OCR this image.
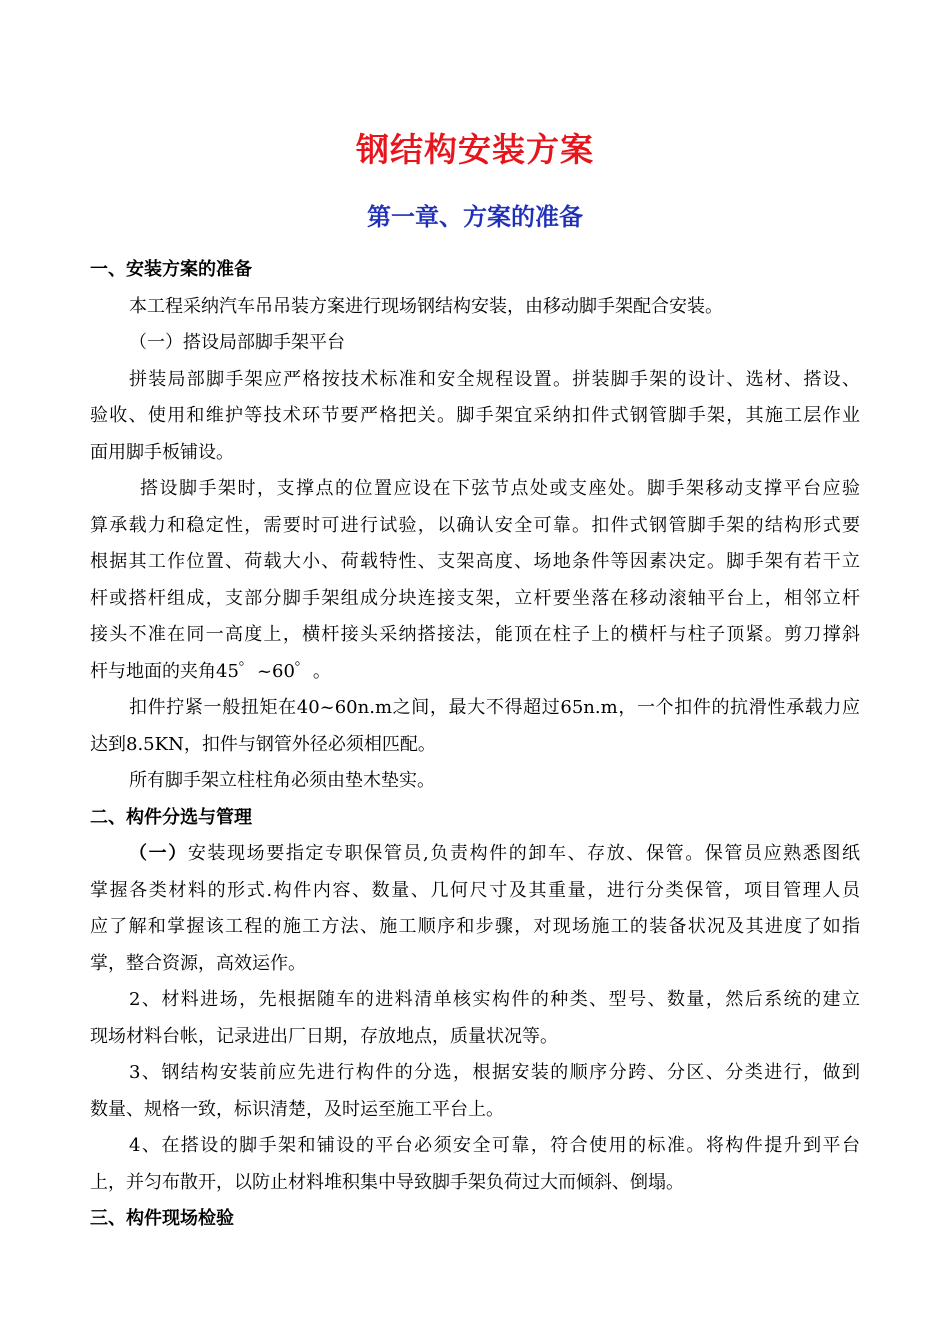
钢结构安装方案
第一章、方案的准备
一、安装方案的准备
本工程采纳汽车吊吊装方案进行现场钢结构安装，由移动脚手架配合安装。
（一）搭设局部脚手架平台
拼装局部脚手架应严格按技术标准和安全规程设置。拼装脚手架的设计、选材、搭设、
验收、使用和维护等技术环节要严格把关。脚手架宜采纳扣件式钢管脚手架，其施工层作业
面用脚手板铺设。
搭设脚手架时，支撑点的位置应设在下弦节点处或支座处。脚手架移动支撑平台应验
算承载力和稳定性，需要时可进行试验，以确认安全可靠。扣件式钢管脚手架的结构形式要
根据其工作位置、荷载大小、荷载特性、支架高度、场地条件等因素决定。脚手架有若干立
杆或搭杆组成，支部分脚手架组成分块连接支架，立杆要坐落在移动滚轴平台上，相邻立杆
接头不准在同一高度上，横杆接头采纳搭接法，能顶在柱子上的横杆与柱子顶紧。剪刀撑斜
杆与地面的夹角45゜~60゜。
扣件拧紧一般扭矩在40~60n.m之间，最大不得超过65n.m，一个扣件的抗滑性承载力应
达到8.5KN，扣件与钢管外径必须相匹配。
所有脚手架立柱柱角必须由垫木垫实。
二、构件分选与管理
（一）安装现场要指定专职保管员,负责构件的卸车、存放、保管。保管员应熟悉图纸
掌握各类材料的形式.构件内容、数量、几何尺寸及其重量，进行分类保管，项目管理人员
应了解和掌握该工程的施工方法、施工顺序和步骤，对现场施工的装备状况及其进度了如指
掌，整合资源，高效运作。
2、材料进场，先根据随车的进料清单核实构件的种类、型号、数量，然后系统的建立
现场材料台帐，记录进出厂日期，存放地点，质量状况等。
3、钢结构安装前应先进行构件的分选，根据安装的顺序分跨、分区、分类进行，做到
数量、规格一致，标识清楚，及时运至施工平台上。
4、在搭设的脚手架和铺设的平台必须安全可靠，符合使用的标准。将构件提升到平台
上，并匀布散开，以防止材料堆积集中导致脚手架负荷过大而倾斜、倒塌。
三、构件现场检验
